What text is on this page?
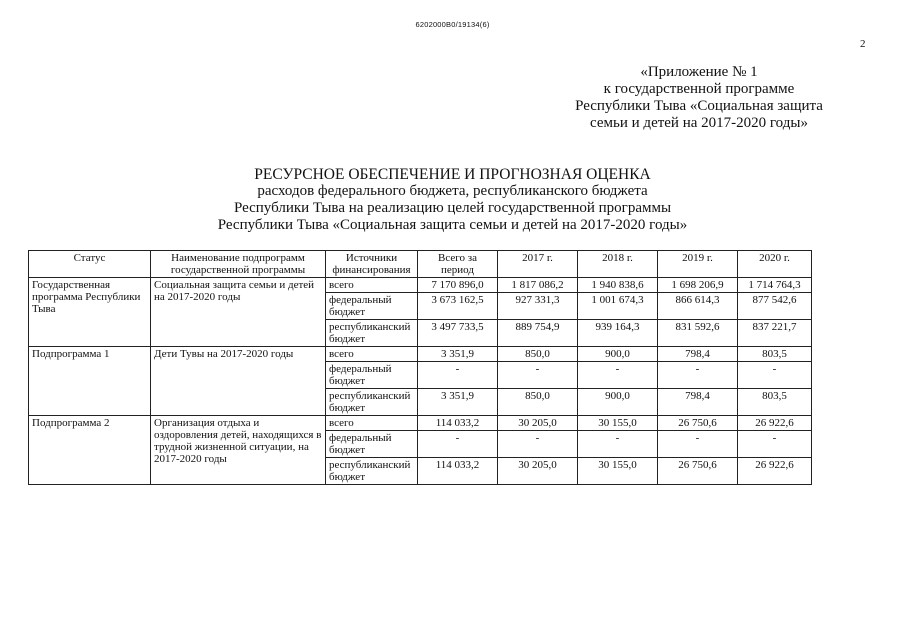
6202000B0/19134(6)
2
«Приложение № 1
к государственной программе
Республики Тыва «Социальная защита
семьи и детей на 2017-2020 годы»
РЕСУРСНОЕ ОБЕСПЕЧЕНИЕ И ПРОГНОЗНАЯ ОЦЕНКА
расходов федерального бюджета, республиканского бюджета
Республики Тыва на реализацию целей государственной программы
Республики Тыва «Социальная защита семьи и детей на 2017-2020 годы»
Статус	Наименование подпрограмм государственной программы	Источники финансирования	Всего за период	2017 г.	2018 г.	2019 г.	2020 г.
Государственная программа Республики Тыва	Социальная защита семьи и детей на 2017-2020 годы	всего	7 170 896,0	1 817 086,2	1 940 838,6	1 698 206,9	1 714 764,3
		федеральный бюджет	3 673 162,5	927 331,3	1 001 674,3	866 614,3	877 542,6
		республиканский бюджет	3 497 733,5	889 754,9	939 164,3	831 592,6	837 221,7
Подпрограмма 1	Дети Тувы на 2017-2020 годы	всего	3 351,9	850,0	900,0	798,4	803,5
		федеральный бюджет	-	-	-	-	-
		республиканский бюджет	3 351,9	850,0	900,0	798,4	803,5
Подпрограмма 2	Организация отдыха и оздоровления детей, находящихся в трудной жизненной ситуации, на 2017-2020 годы	всего	114 033,2	30 205,0	30 155,0	26 750,6	26 922,6
		федеральный бюджет	-	-	-	-	-
		республиканский бюджет	114 033,2	30 205,0	30 155,0	26 750,6	26 922,6
